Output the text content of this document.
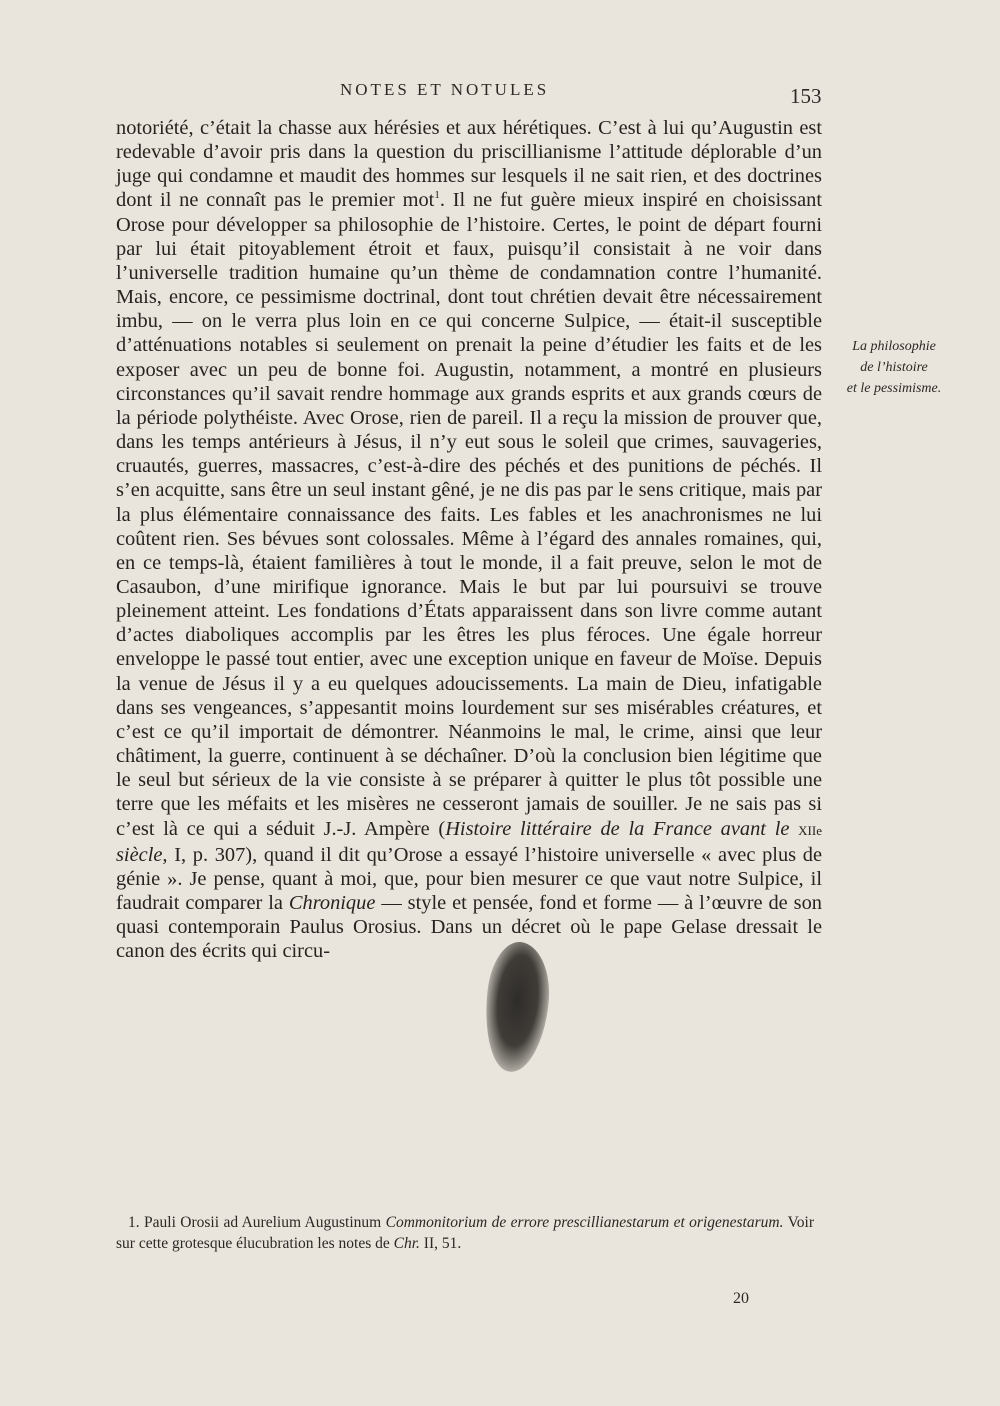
NOTES ET NOTULES	153

notoriété, c’était la chasse aux hérésies et aux hérétiques. C’est à lui qu’Augustin est redevable d’avoir pris dans la question du priscillianisme l’attitude déplorable d’un juge qui condamne et maudit des hommes sur lesquels il ne sait rien, et des doctrines dont il ne connaît pas le premier mot$^1$. Il ne fut guère mieux inspiré en choisissant Orose pour développer sa philosophie de l’histoire. Certes, le point de départ fourni par lui était pitoyablement étroit et faux, puisqu’il consistait à ne voir dans l’universelle tradition humaine qu’un thème de condamnation contre l’humanité. Mais, encore, ce pessimisme doctrinal, dont tout chrétien devait être nécessairement imbu, — on le verra plus loin en ce qui concerne Sulpice, — était-il susceptible d’atténuations notables si seulement on prenait la peine d’étudier les faits et de les exposer avec un peu de bonne foi. Augustin, notamment, a montré en plusieurs circonstances qu’il savait rendre hommage aux grands esprits et aux grands cœurs de la période polythéiste. Avec Orose, rien de pareil. Il a reçu la mission de prouver que, dans les temps antérieurs à Jésus, il n’y eut sous le soleil que crimes, sauvageries, cruautés, guerres, massacres, c’est-à-dire des péchés et des punitions de péchés. Il s’en acquitte, sans être un seul instant gêné, je ne dis pas par le sens critique, mais par la plus élémentaire connaissance des faits. Les fables et les anachronismes ne lui coûtent rien. Ses bévues sont colossales. Même à l’égard des annales romaines, qui, en ce temps-là, étaient familières à tout le monde, il a fait preuve, selon le mot de Casaubon, d’une mirifique ignorance. Mais le but par lui poursuivi se trouve pleinement atteint. Les fondations d’États apparaissent dans son livre comme autant d’actes diaboliques accomplis par les êtres les plus féroces. Une égale horreur enveloppe le passé tout entier, avec une exception unique en faveur de Moïse. Depuis la venue de Jésus il y a eu quelques adoucissements. La main de Dieu, infatigable dans ses vengeances, s’appesantit moins lourdement sur ses misérables créatures, et c’est ce qu’il importait de démontrer. Néanmoins le mal, le crime, ainsi que leur châtiment, la guerre, continuent à se déchaîner. D’où la conclusion bien légitime que le seul but sérieux de la vie consiste à se préparer à quitter le plus tôt possible une terre que les méfaits et les misères ne cesseront jamais de souiller. Je ne sais pas si c’est là ce qui a séduit J.-J. Ampère (Histoire littéraire de la France avant le XIIe siècle, I, p. 307), quand il dit qu’Orose a essayé l’histoire universelle « avec plus de génie ». Je pense, quant à moi, que, pour bien mesurer ce que vaut notre Sulpice, il faudrait comparer la Chronique — style et pensée, fond et forme — à l’œuvre de son quasi contemporain Paulus Orosius. Dans un décret où le pape Gelase dressait le canon des écrits qui circu-

La philosophie
de l’histoire
et le pessimisme.
1. Pauli Orosii ad Aurelium Augustinum Commonitorium de errore prescillianestarum et origenestarum. Voir sur cette grotesque élucubration les notes de Chr. II, 51.
20
